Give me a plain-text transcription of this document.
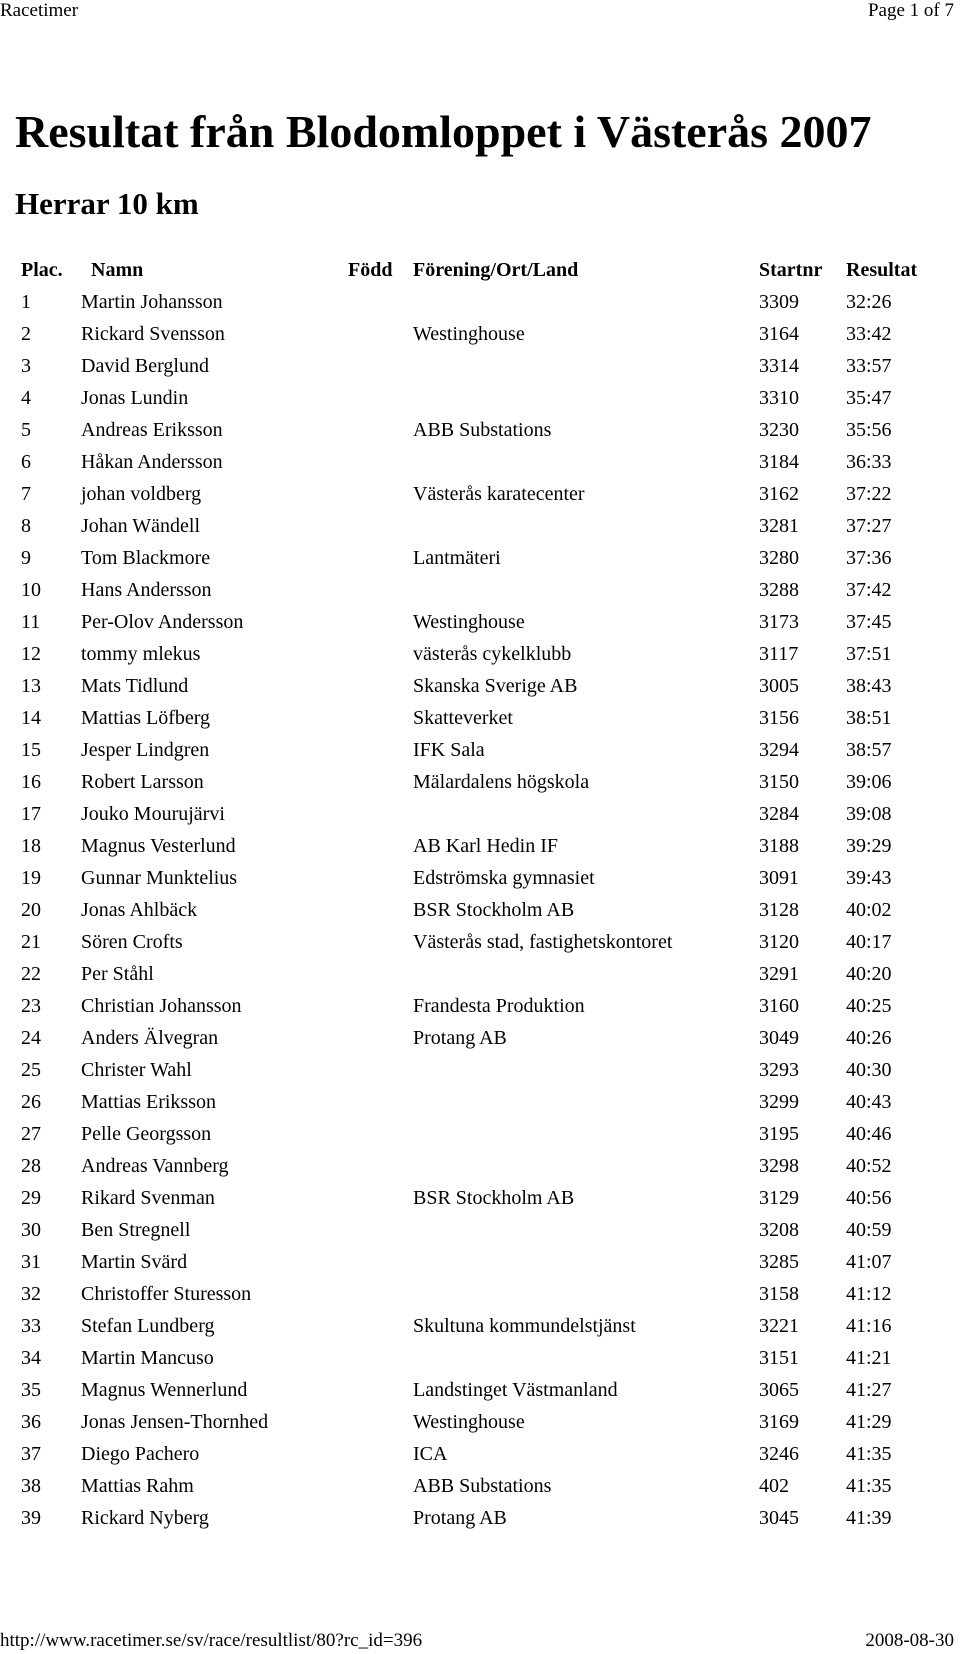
Racetimer	Page 1 of 7
Resultat från Blodomloppet i Västerås 2007
Herrar 10 km
Plac. Namn	Född Förening/Ort/Land	Startnr Resultat
1	Martin Johansson	3309 32:26
2	Rickard Svensson	Westinghouse	3164 33:42
3	David Berglund	3314 33:57
4	Jonas Lundin	3310 35:47
5	Andreas Eriksson	ABB Substations	3230 35:56
6	Håkan Andersson	3184 36:33
7	johan voldberg	Västerås karatecenter	3162 37:22
8	Johan Wändell	3281 37:27
9	Tom Blackmore	Lantmäteri	3280 37:36
10 Hans Andersson	3288 37:42
11 Per-Olov Andersson	Westinghouse	3173 37:45
12 tommy mlekus	västerås cykelklubb	3117 37:51
13 Mats Tidlund	Skanska Sverige AB	3005 38:43
14 Mattias Löfberg	Skatteverket	3156 38:51
15 Jesper Lindgren	IFK Sala	3294 38:57
16 Robert Larsson	Mälardalens högskola	3150 39:06
17 Jouko Mourujärvi	3284 39:08
18 Magnus Vesterlund	AB Karl Hedin IF	3188 39:29
19 Gunnar Munktelius	Edströmska gymnasiet	3091 39:43
20 Jonas Ahlbäck	BSR Stockholm AB	3128 40:02
21 Sören Crofts	Västerås stad, fastighetskontoret	3120 40:17
22 Per Ståhl	3291 40:20
23 Christian Johansson	Frandesta Produktion	3160 40:25
24 Anders Älvegran	Protang AB	3049 40:26
25 Christer Wahl	3293 40:30
26 Mattias Eriksson	3299 40:43
27 Pelle Georgsson	3195 40:46
28 Andreas Vannberg	3298 40:52
29 Rikard Svenman	BSR Stockholm AB	3129 40:56
30 Ben Stregnell	3208 40:59
31 Martin Svärd	3285 41:07
32 Christoffer Sturesson	3158 41:12
33 Stefan Lundberg	Skultuna kommundelstjänst	3221 41:16
34 Martin Mancuso	3151 41:21
35 Magnus Wennerlund	Landstinget Västmanland	3065 41:27
36 Jonas Jensen-Thornhed	Westinghouse	3169 41:29
37 Diego Pachero	ICA	3246 41:35
38 Mattias Rahm	ABB Substations	402	41:35
39 Rickard Nyberg	Protang AB	3045 41:39
http://www.racetimer.se/sv/race/resultlist/80?rc_id=396	2008-08-30
